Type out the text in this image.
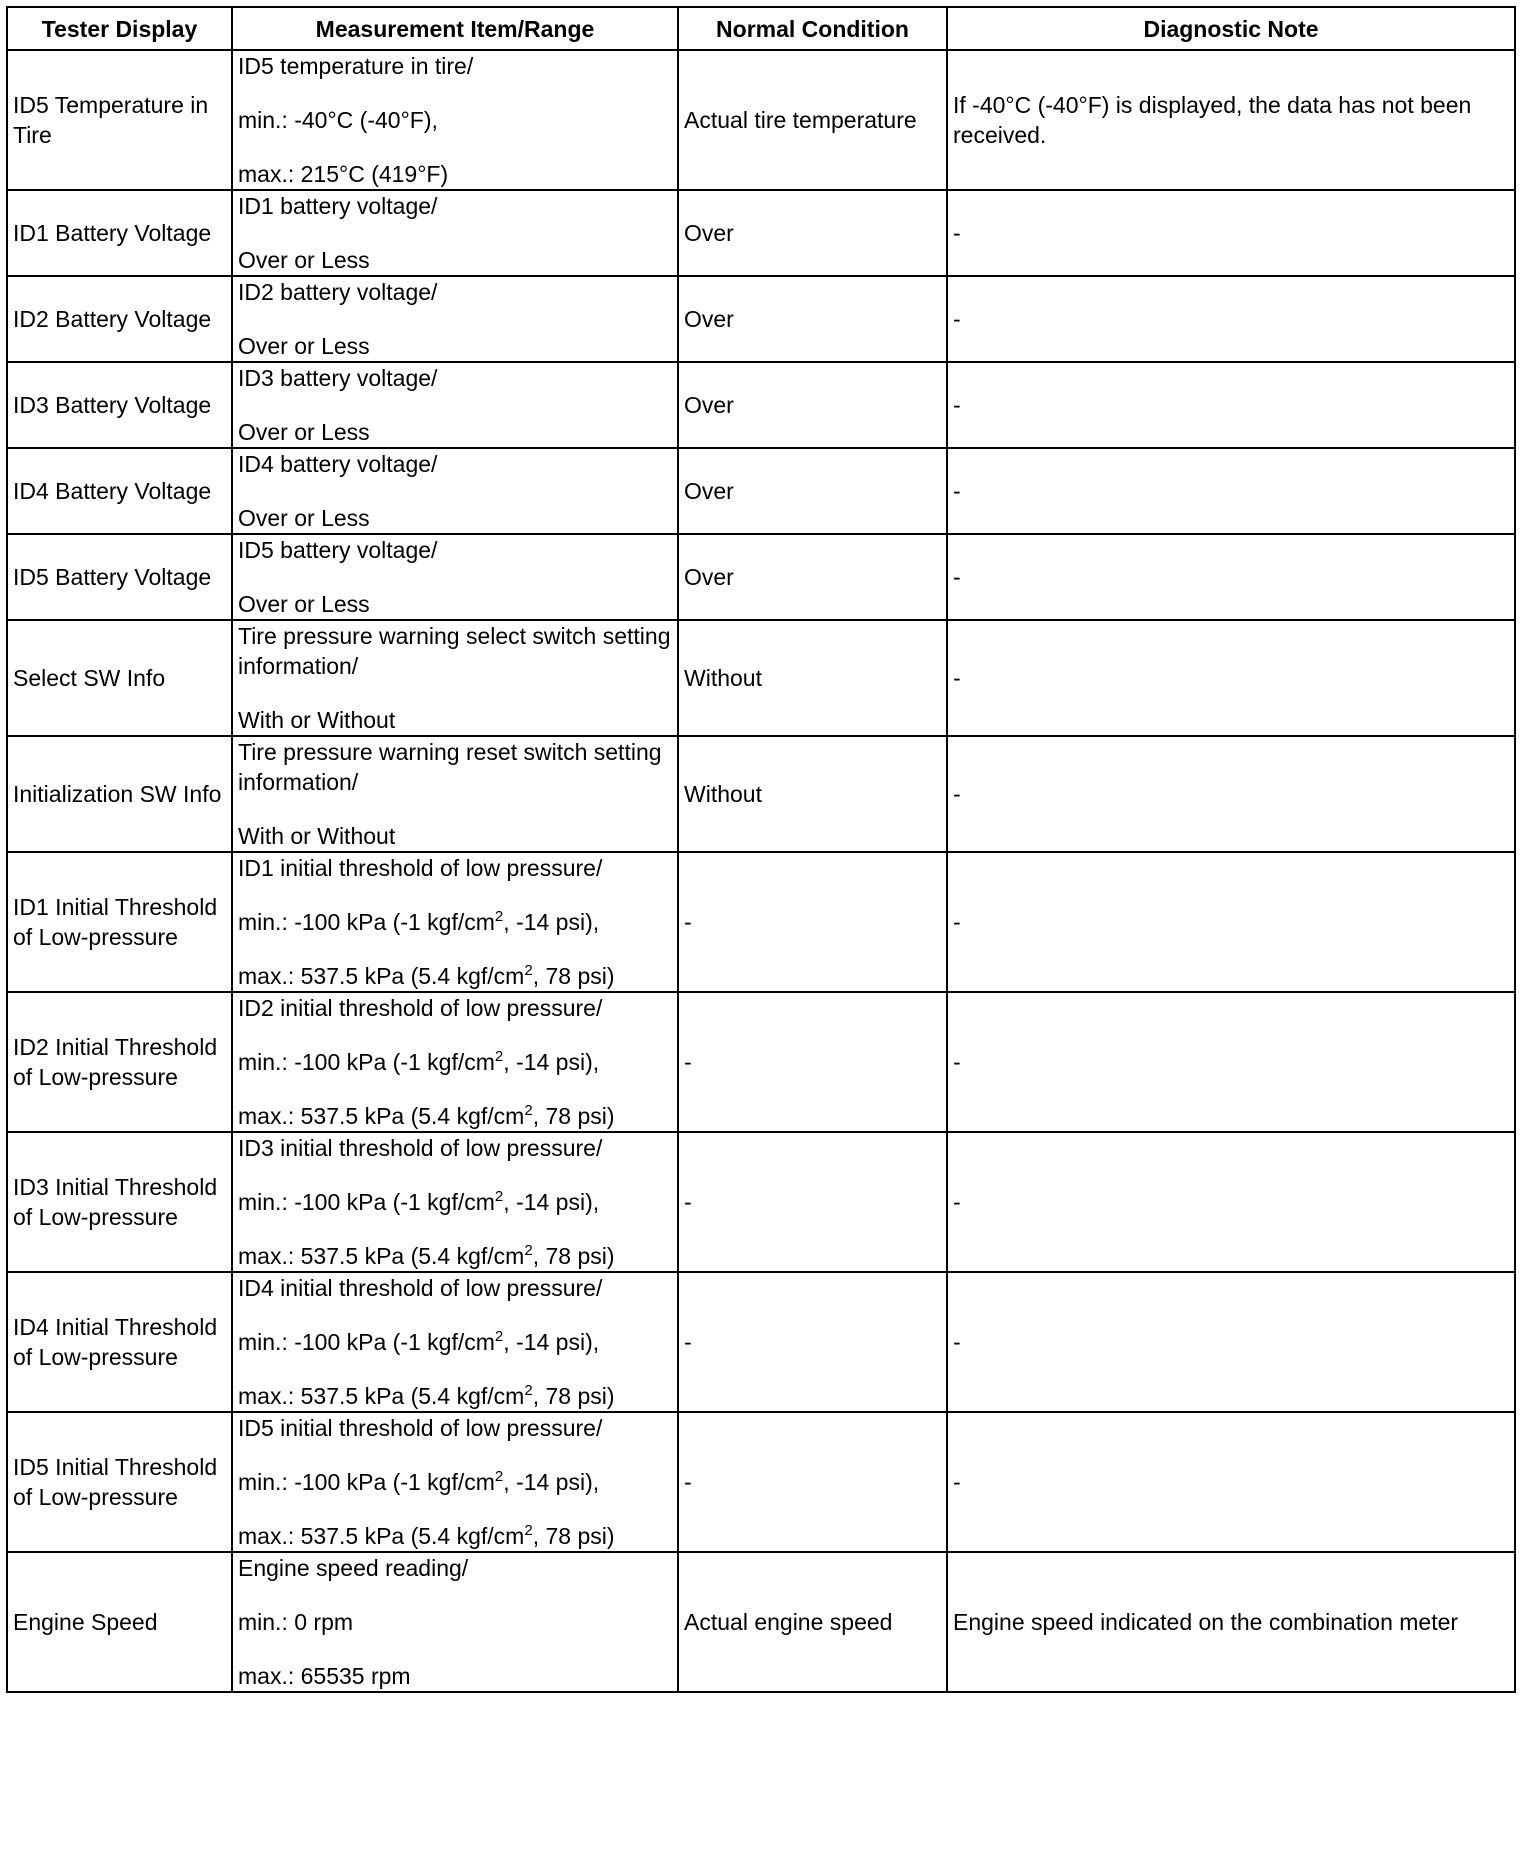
Tester Display	Measurement Item/Range	Normal Condition	Diagnostic Note
ID5 Temperature in Tire	ID5 temperature in tire/
min.: -40°C (-40°F),
max.: 215°C (419°F)	Actual tire temperature	If -40°C (-40°F) is displayed, the data has not been received.
ID1 Battery Voltage	ID1 battery voltage/
Over or Less	Over	-
ID2 Battery Voltage	ID2 battery voltage/
Over or Less	Over	-
ID3 Battery Voltage	ID3 battery voltage/
Over or Less	Over	-
ID4 Battery Voltage	ID4 battery voltage/
Over or Less	Over	-
ID5 Battery Voltage	ID5 battery voltage/
Over or Less	Over	-
Select SW Info	Tire pressure warning select switch setting information/
With or Without	Without	-
Initialization SW Info	Tire pressure warning reset switch setting information/
With or Without	Without	-
ID1 Initial Threshold of Low-pressure	ID1 initial threshold of low pressure/
min.: -100 kPa (-1 kgf/$cm^2$, -14 psi),
max.: 537.5 kPa (5.4 kgf/$cm^2$, 78 psi)	-	-
ID2 Initial Threshold of Low-pressure	ID2 initial threshold of low pressure/
min.: -100 kPa (-1 kgf/$cm^2$, -14 psi),
max.: 537.5 kPa (5.4 kgf/$cm^2$, 78 psi)	-	-
ID3 Initial Threshold of Low-pressure	ID3 initial threshold of low pressure/
min.: -100 kPa (-1 kgf/$cm^2$, -14 psi),
max.: 537.5 kPa (5.4 kgf/$cm^2$, 78 psi)	-	-
ID4 Initial Threshold of Low-pressure	ID4 initial threshold of low pressure/
min.: -100 kPa (-1 kgf/$cm^2$, -14 psi),
max.: 537.5 kPa (5.4 kgf/$cm^2$, 78 psi)	-	-
ID5 Initial Threshold of Low-pressure	ID5 initial threshold of low pressure/
min.: -100 kPa (-1 kgf/$cm^2$, -14 psi),
max.: 537.5 kPa (5.4 kgf/$cm^2$, 78 psi)	-	-
Engine Speed	Engine speed reading/
min.: 0 rpm
max.: 65535 rpm	Actual engine speed	Engine speed indicated on the combination meter
